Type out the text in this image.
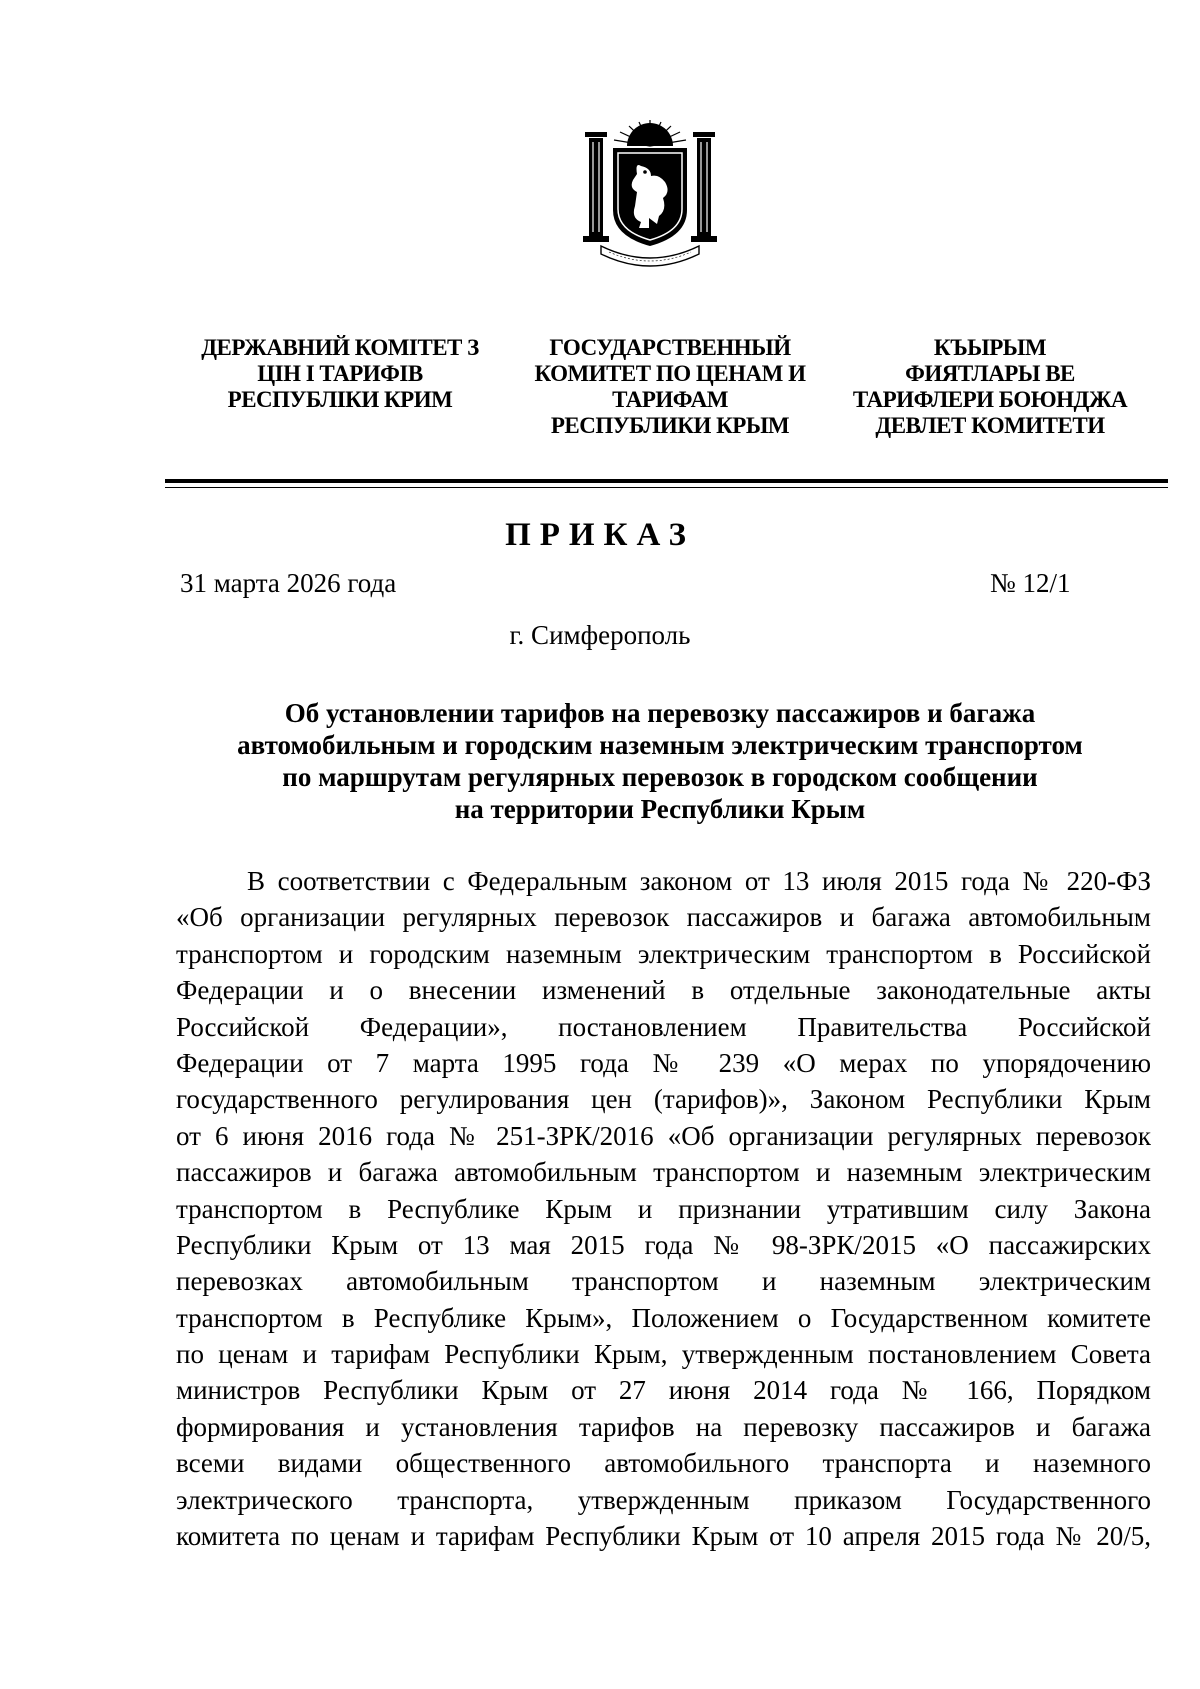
ДЕРЖАВНИЙ КОМІТЕТ З
ЦІН І ТАРИФІВ
РЕСПУБЛІКИ КРИМ
ГОСУДАРСТВЕННЫЙ
КОМИТЕТ ПО ЦЕНАМ И
ТАРИФАМ
РЕСПУБЛИКИ КРЫМ
КЪЫРЫМ
ФИЯТЛАРЫ ВЕ
ТАРИФЛЕРИ БОЮНДЖА
ДЕВЛЕТ КОМИТЕТИ
ПРИКАЗ
31 марта 2026 года	№ 12/1
г. Симферополь
Об установлении тарифов на перевозку пассажиров и багажа
автомобильным и городским наземным электрическим транспортом
по маршрутам регулярных перевозок в городском сообщении
на территории Республики Крым
В соответствии с Федеральным законом от 13 июля 2015 года № 220-ФЗ
«Об организации регулярных перевозок пассажиров и багажа автомобильным
транспортом и городским наземным электрическим транспортом в Российской
Федерации и о внесении изменений в отдельные законодательные акты
Российской Федерации», постановлением Правительства Российской
Федерации от 7 марта 1995 года № 239 «О мерах по упорядочению
государственного регулирования цен (тарифов)», Законом Республики Крым
от 6 июня 2016 года № 251-ЗРК/2016 «Об организации регулярных перевозок
пассажиров и багажа автомобильным транспортом и наземным электрическим
транспортом в Республике Крым и признании утратившим силу Закона
Республики Крым от 13 мая 2015 года № 98-ЗРК/2015 «О пассажирских
перевозках автомобильным транспортом и наземным электрическим
транспортом в Республике Крым», Положением о Государственном комитете
по ценам и тарифам Республики Крым, утвержденным постановлением Совета
министров Республики Крым от 27 июня 2014 года № 166, Порядком
формирования и установления тарифов на перевозку пассажиров и багажа
всеми видами общественного автомобильного транспорта и наземного
электрического транспорта, утвержденным приказом Государственного
комитета по ценам и тарифам Республики Крым от 10 апреля 2015 года № 20/5,
